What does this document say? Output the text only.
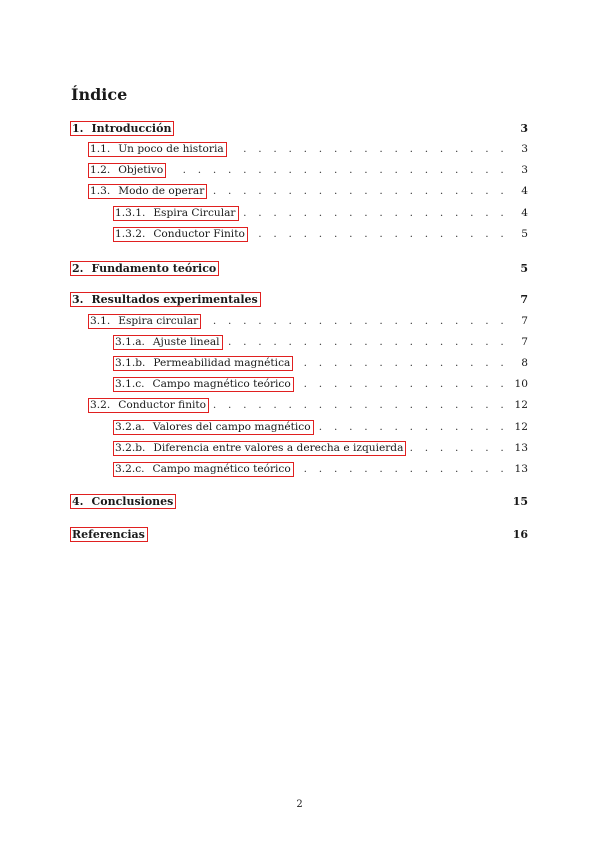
Índice
1. Introducción	3
1.1. Un poco de historia . . .	3
1.2. Objetivo . . .	3
1.3. Modo de operar . . .	4
1.3.1. Espira Circular . . .	4
1.3.2. Conductor Finito . . .	5
2. Fundamento teórico	5
3. Resultados experimentales	7
3.1. Espira circular . . .	7
3.1.a. Ajuste lineal . . .	7
3.1.b. Permeabilidad magnética . . .	8
3.1.c. Campo magnético teórico . . .	10
3.2. Conductor finito . . .	12
3.2.a. Valores del campo magnético . . .	12
3.2.b. Diferencia entre valores a derecha e izquierda . . .	13
3.2.c. Campo magnético teórico . . .	13
4. Conclusiones	15
Referencias	16
2
